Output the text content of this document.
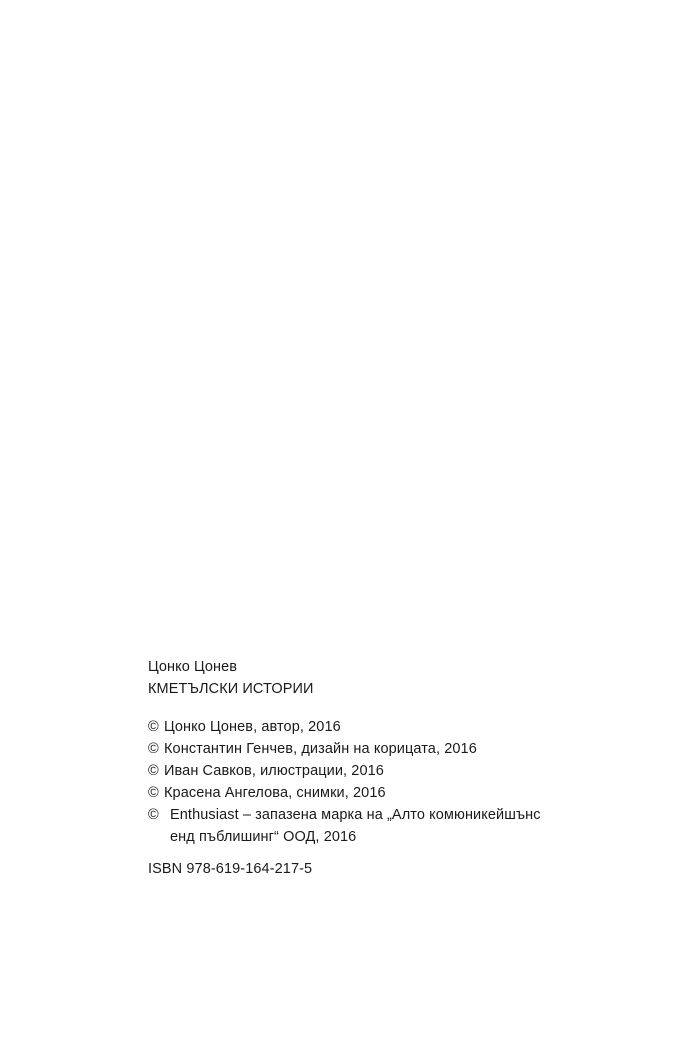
Цонко Цонев
КМЕТЪЛСКИ ИСТОРИИ
© Цонко Цонев, автор, 2016
© Константин Генчев, дизайн на корицата, 2016
© Иван Савков, илюстрации, 2016
© Красена Ангелова, снимки, 2016
© Enthusiast – запазена марка на „Алто комюникейшънс
енд пъблишинг“ ООД, 2016
ISBN 978-619-164-217-5
